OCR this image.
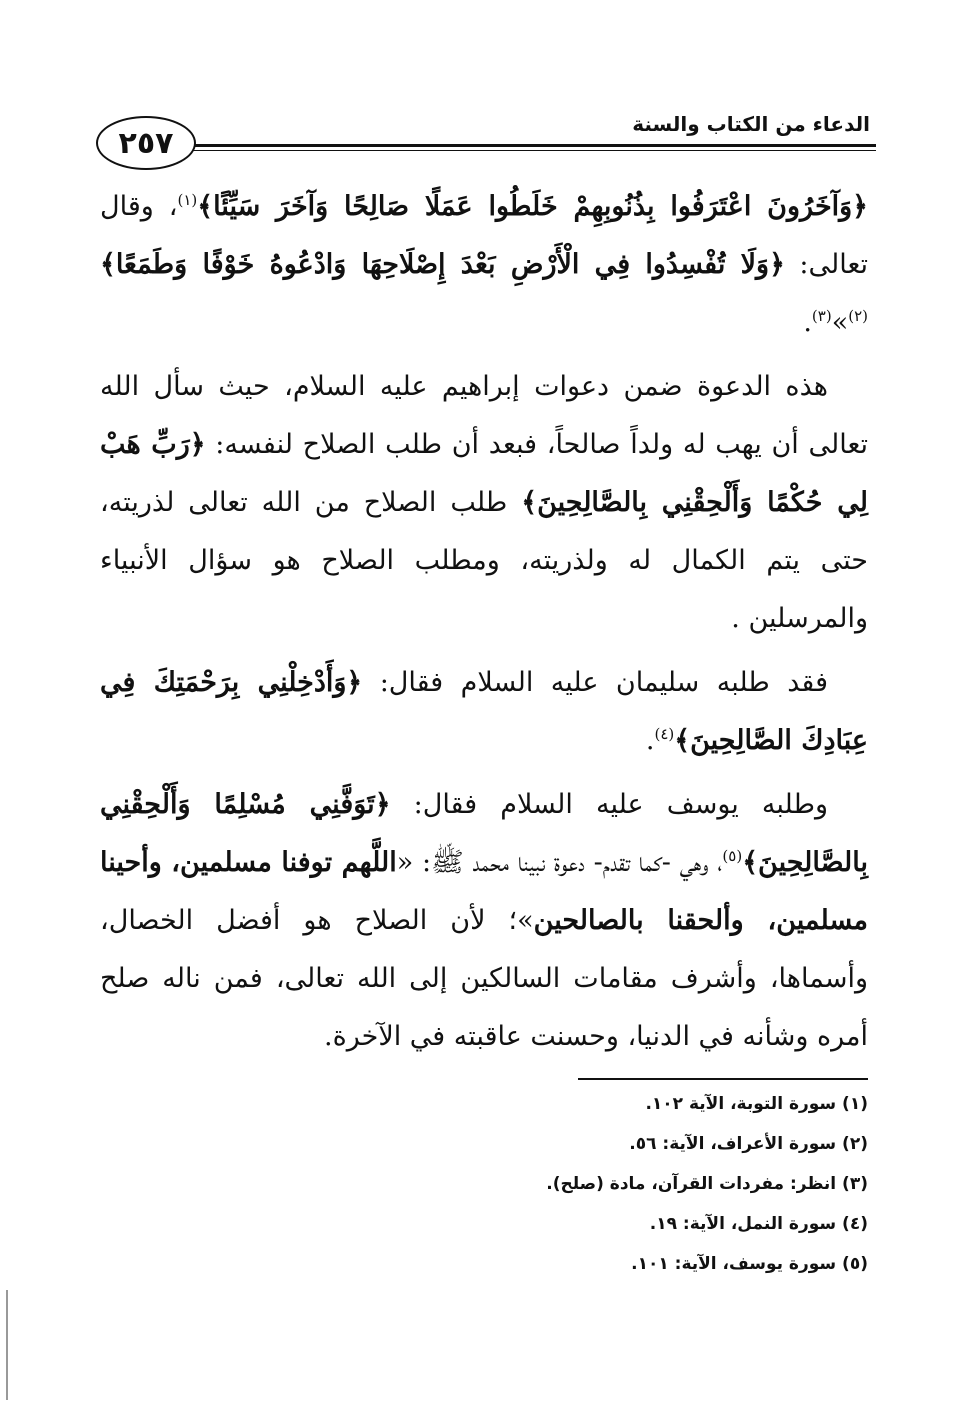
الدعاء من الكتاب والسنة
٢٥٧

﴿وَآخَرُونَ اعْتَرَفُوا بِذُنُوبِهِمْ خَلَطُوا عَمَلًا صَالِحًا وَآخَرَ سَيِّئًا﴾$^{(١)}$، وقال تعالى: ﴿وَلَا تُفْسِدُوا فِي الْأَرْضِ بَعْدَ إِصْلَاحِهَا وَادْعُوهُ خَوْفًا وَطَمَعًا﴾$^{(٢)}$»$^{(٣)}$.

هذه الدعوة ضمن دعوات إبراهيم عليه السلام، حيث سأل الله تعالى أن يهب له ولداً صالحاً، فبعد أن طلب الصلاح لنفسه: ﴿رَبِّ هَبْ لِي حُكْمًا وَأَلْحِقْنِي بِالصَّالِحِينَ﴾ طلب الصلاح من الله تعالى لذريته، حتى يتم الكمال له ولذريته، ومطلب الصلاح هو سؤال الأنبياء والمرسلين .

فقد طلبه سليمان عليه السلام فقال: ﴿وَأَدْخِلْنِي بِرَحْمَتِكَ فِي عِبَادِكَ الصَّالِحِينَ﴾$^{(٤)}$.

وطلبه يوسف عليه السلام فقال: ﴿تَوَفَّنِي مُسْلِمًا وَأَلْحِقْنِي بِالصَّالِحِينَ﴾$^{(٥)}$، وهي -كما تقدم- دعوة نبينا محمد ﷺ: «اللَّهم توفنا مسلمين، وأحينا مسلمين، وألحقنا بالصالحين»؛ لأن الصلاح هو أفضل الخصال، وأسماها، وأشرف مقامات السالكين إلى الله تعالى، فمن ناله صلح أمره وشأنه في الدنيا، وحسنت عاقبته في الآخرة.

(١) سورة التوبة، الآية ١٠٢.
(٢) سورة الأعراف، الآية: ٥٦.
(٣) انظر: مفردات القرآن، مادة (صلح).
(٤) سورة النمل، الآية: ١٩.
(٥) سورة يوسف، الآية: ١٠١.
